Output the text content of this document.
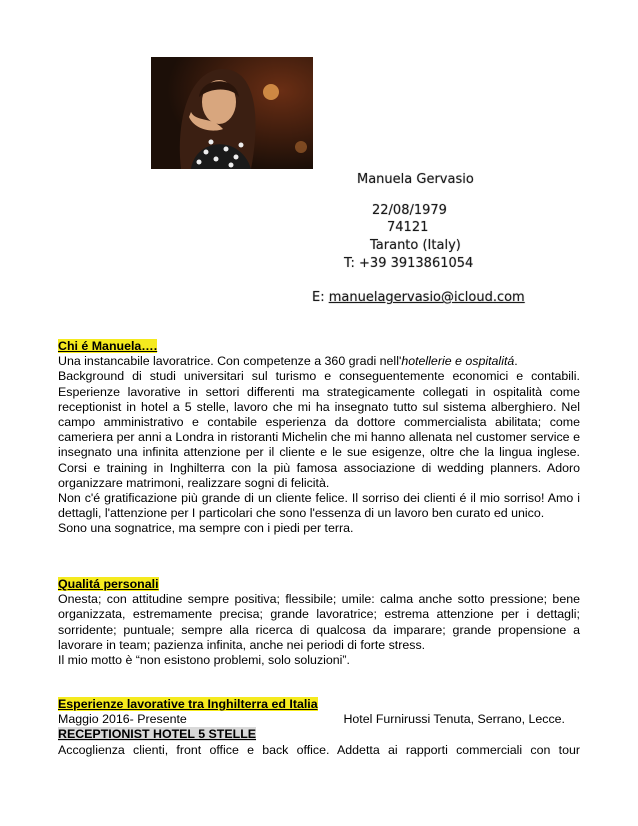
Manuela Gervasio
22/08/1979
74121
Taranto (Italy)
T: +39 3913861054
E: manuelagervasio@icloud.com

Chi é Manuela….

Una instancabile lavoratrice. Con competenze a 360 gradi nell'hotellerie e ospitalitá.

Background di studi universitari sul turismo e conseguentemente economici e contabili. Esperienze lavorative in settori differenti ma strategicamente collegati in ospitalità come receptionist in hotel a 5 stelle, lavoro che mi ha insegnato tutto sul sistema alberghiero. Nel campo amministrativo e contabile esperienza da dottore commercialista abilitata; come cameriera per anni a Londra in ristoranti Michelin che mi hanno allenata nel customer service e insegnato una infinita attenzione per il cliente e le sue esigenze, oltre che la lingua inglese. Corsi e training in Inghilterra con la più famosa associazione di wedding planners. Adoro organizzare matrimoni, realizzare sogni di felicità.

Non c'é gratificazione più grande di un cliente felice. Il sorriso dei clienti é il mio sorriso! Amo i dettagli, l'attenzione per I particolari che sono l'essenza di un lavoro ben curato ed unico.

Sono una sognatrice, ma sempre con i piedi per terra.

Qualitá personali

Onesta; con attitudine sempre positiva; flessibile; umile: calma anche sotto pressione; bene organizzata, estremamente precisa; grande lavoratrice; estrema attenzione per i dettagli; sorridente; puntuale; sempre alla ricerca di qualcosa da imparare; grande propensione a lavorare in team; pazienza infinita, anche nei periodi di forte stress.

Il mio motto è “non esistono problemi, solo soluzioni”.

Esperienze lavorative tra Inghilterra ed Italia

Maggio 2016- Presente	Hotel Furnirussi Tenuta, Serrano, Lecce.

RECEPTIONIST HOTEL 5 STELLE

Accoglienza clienti, front office e back office. Addetta ai rapporti commerciali con tour
